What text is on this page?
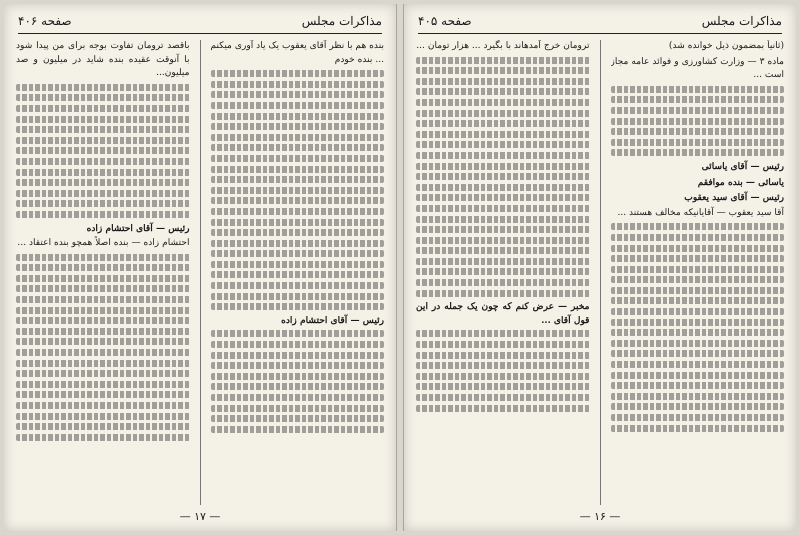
مذاکرات مجلس
صفحه ۴۰۶

بنده هم با نظر آقای یعقوب یک یاد آوری میکنم ... بنده خودم

رئیس — آقای احتشام زاده

باقصد ترومان تفاوت بوجه برای من پیدا شود با آنوقت عقیده بنده شاید در میلیون و صد میلیون...

رئیس — آقای احتشام زاده

احتشام زاده — بنده اصلاً همچو بنده اعتقاد ...

— ۱۷ —
مذاکرات مجلس
صفحه ۴۰۵

(ثانیاً بمضمون ذیل خوانده شد)

ماده ۳ — وزارت کشاورزی و فوائد عامه مجاز است ...

رئیس — آقای یاسائی

یاسائی — بنده موافقم

رئیس — آقای سید یعقوب

آقا سید یعقوب — آقایانیکه مخالف هستند ...

ترومان خرج آمدهاند با بگیرد ... هزار تومان ...

مخبر — عرض کنم که چون یک جمله در این قول آقای ...

— ۱۶ —
